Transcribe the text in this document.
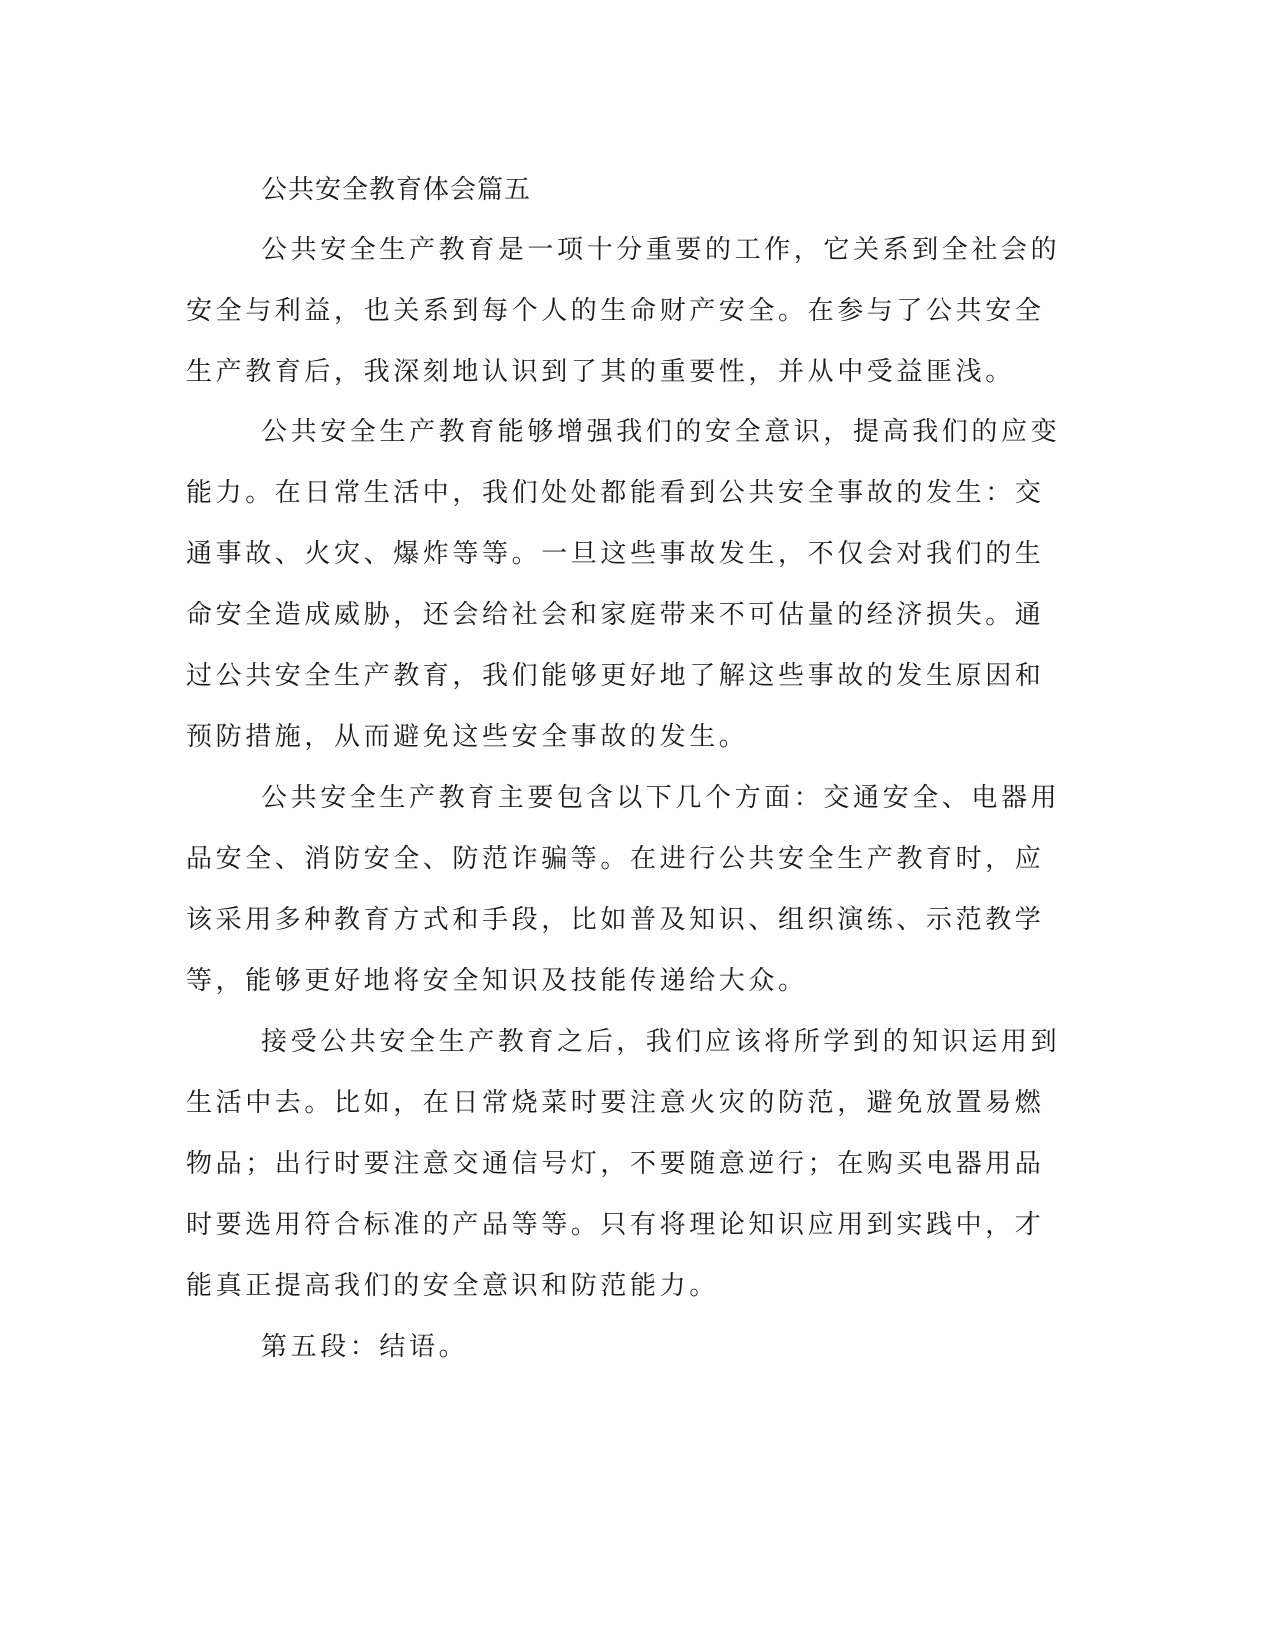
公共安全教育体会篇五

公共安全生产教育是一项十分重要的工作，它关系到全社会的安全与利益，也关系到每个人的生命财产安全。在参与了公共安全生产教育后，我深刻地认识到了其的重要性，并从中受益匪浅。

公共安全生产教育能够增强我们的安全意识，提高我们的应变能力。在日常生活中，我们处处都能看到公共安全事故的发生：交通事故、火灾、爆炸等等。一旦这些事故发生，不仅会对我们的生命安全造成威胁，还会给社会和家庭带来不可估量的经济损失。通过公共安全生产教育，我们能够更好地了解这些事故的发生原因和预防措施，从而避免这些安全事故的发生。

公共安全生产教育主要包含以下几个方面：交通安全、电器用品安全、消防安全、防范诈骗等。在进行公共安全生产教育时，应该采用多种教育方式和手段，比如普及知识、组织演练、示范教学等，能够更好地将安全知识及技能传递给大众。

接受公共安全生产教育之后，我们应该将所学到的知识运用到生活中去。比如，在日常烧菜时要注意火灾的防范，避免放置易燃物品；出行时要注意交通信号灯，不要随意逆行；在购买电器用品时要选用符合标准的产品等等。只有将理论知识应用到实践中，才能真正提高我们的安全意识和防范能力。

第五段：结语。
